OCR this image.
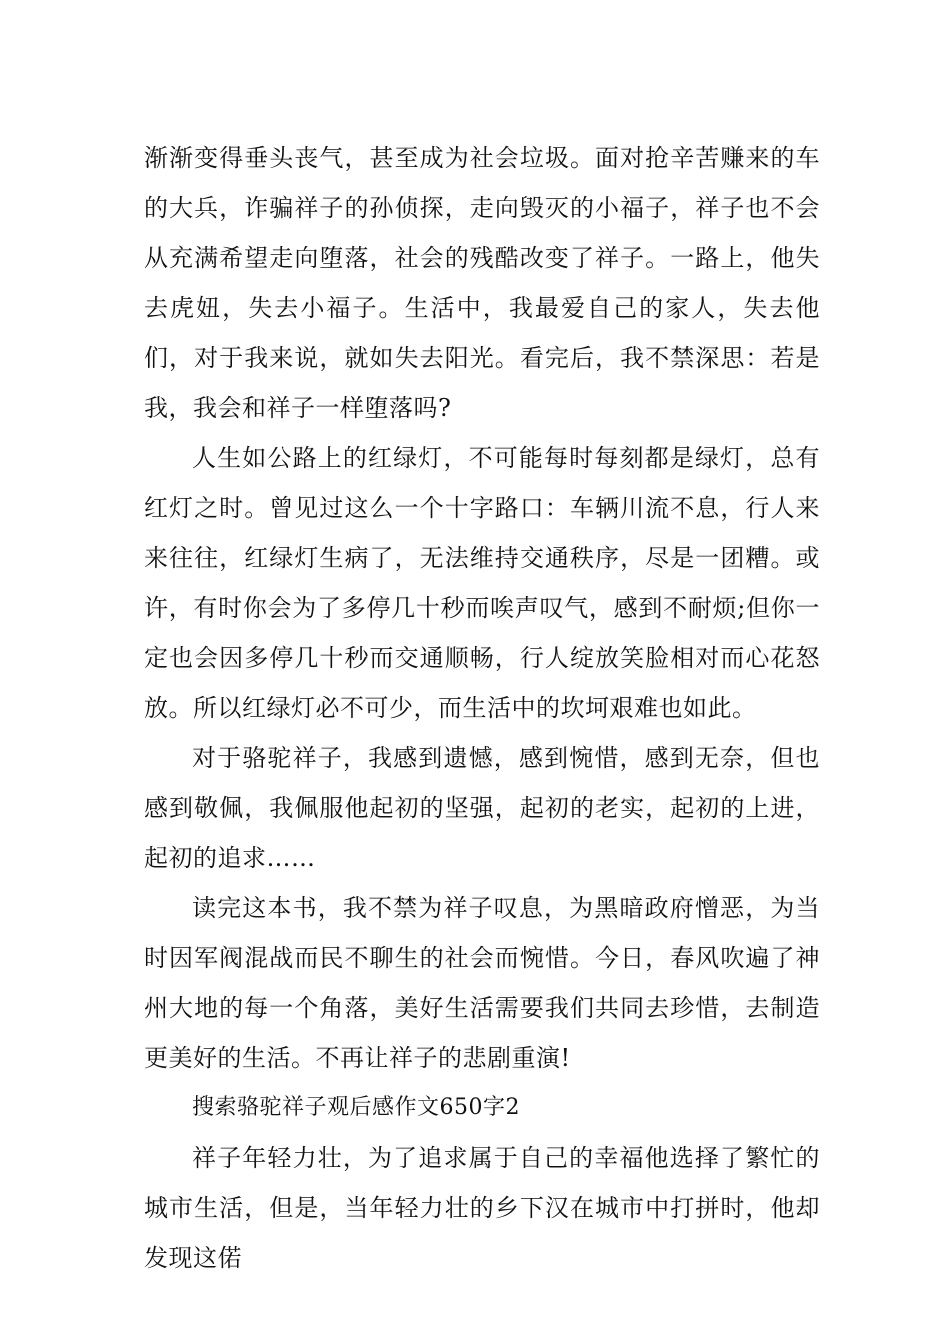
渐渐变得垂头丧气，甚至成为社会垃圾。面对抢辛苦赚来的车的大兵，诈骗祥子的孙侦探，走向毁灭的小福子，祥子也不会从充满希望走向堕落，社会的残酷改变了祥子。一路上，他失去虎妞，失去小福子。生活中，我最爱自己的家人，失去他们，对于我来说，就如失去阳光。看完后，我不禁深思：若是我，我会和祥子一样堕落吗?

人生如公路上的红绿灯，不可能每时每刻都是绿灯，总有红灯之时。曾见过这么一个十字路口：车辆川流不息，行人来来往往，红绿灯生病了，无法维持交通秩序，尽是一团糟。或许，有时你会为了多停几十秒而唉声叹气，感到不耐烦;但你一定也会因多停几十秒而交通顺畅，行人绽放笑脸相对而心花怒放。所以红绿灯必不可少，而生活中的坎坷艰难也如此。

对于骆驼祥子，我感到遗憾，感到惋惜，感到无奈，但也感到敬佩，我佩服他起初的坚强，起初的老实，起初的上进，起初的追求……

读完这本书，我不禁为祥子叹息，为黑暗政府憎恶，为当时因军阀混战而民不聊生的社会而惋惜。今日，春风吹遍了神州大地的每一个角落，美好生活需要我们共同去珍惜，去制造更美好的生活。不再让祥子的悲剧重演!

搜索骆驼祥子观后感作文650字2

祥子年轻力壮，为了追求属于自己的幸福他选择了繁忙的城市生活，但是，当年轻力壮的乡下汉在城市中打拼时，他却发现这偌
